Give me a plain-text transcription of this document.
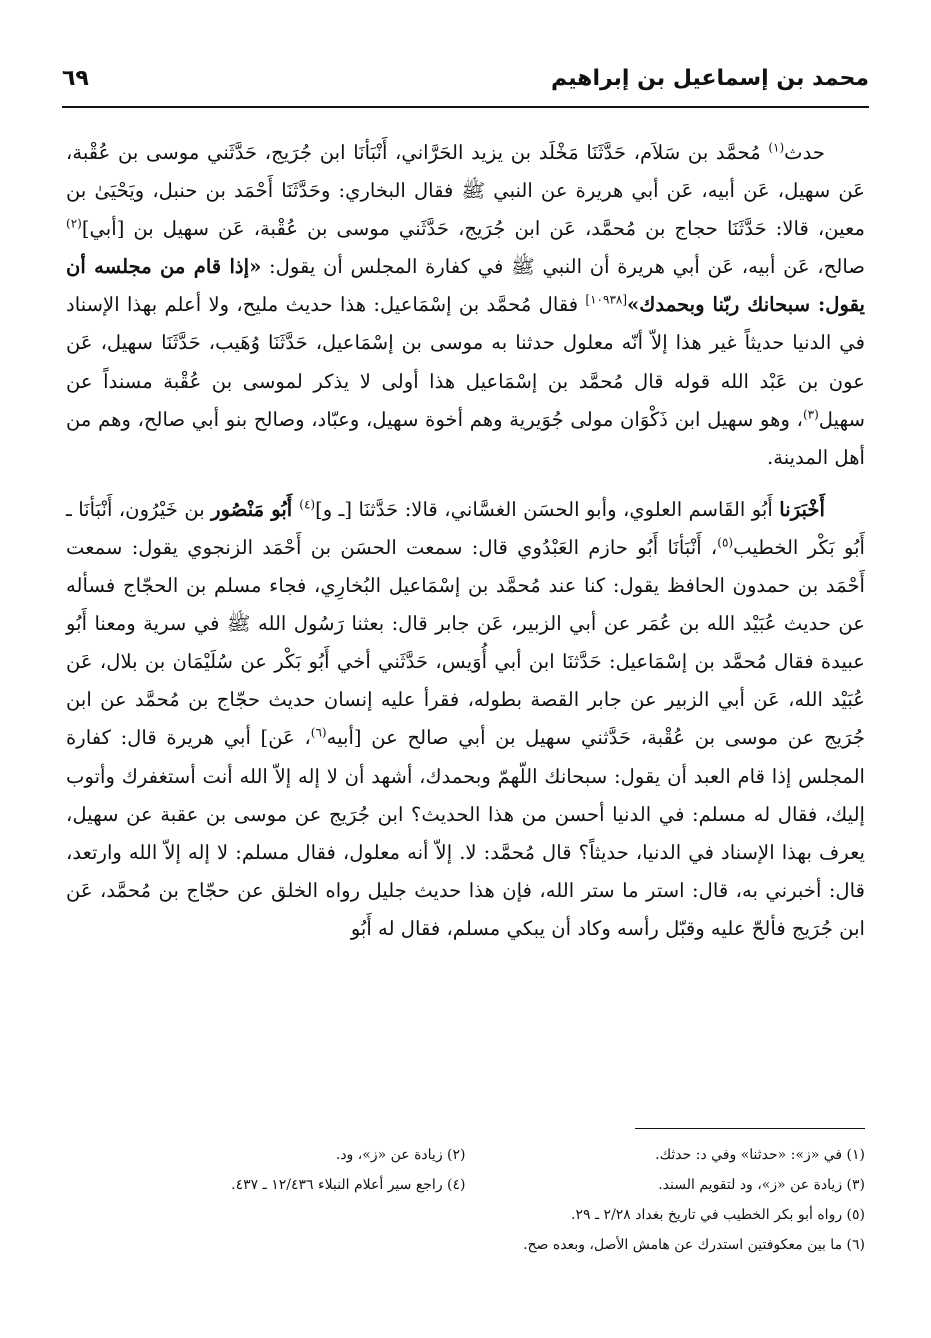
محمد بن إسماعيل بن إبراهيم
٦٩

حدث$^{(١)}$ مُحمَّد بن سَلاَم، حَدَّثَنَا مَخْلَد بن يزيد الحَرَّاني، أَنْبَأنَا ابن جُرَيج، حَدَّثَني موسى بن عُقْبة، عَن سهيل، عَن أبيه، عَن أبي هريرة عن النبي ﷺ فقال البخاري: وحَدَّثَنَا أَحْمَد بن حنبل، ويَحْيَىٰ بن معين، قالا: حَدَّثَنَا حجاج بن مُحمَّد، عَن ابن جُرَيج، حَدَّثَني موسى بن عُقْبة، عَن سهيل بن [أبي]$^{(٢)}$ صالح، عَن أبيه، عَن أبي هريرة أن النبي ﷺ في كفارة المجلس أن يقول: «إذا قام من مجلسه أن يقول: سبحانك ربّنا وبحمدك»[١٠٩٣٨] فقال مُحمَّد بن إسْمَاعيل: هذا حديث مليح، ولا أعلم بهذا الإسناد في الدنيا حديثاً غير هذا إلاّ أنّه معلول حدثنا به موسى بن إسْمَاعيل، حَدَّثَنَا وُهَيب، حَدَّثَنَا سهيل، عَن عون بن عَبْد الله قوله قال مُحمَّد بن إسْمَاعيل هذا أولى لا يذكر لموسى بن عُقْبة مسنداً عن سهيل$^{(٣)}$، وهو سهيل ابن ذَكْوَان مولى جُوَيرية وهم أخوة سهيل، وعبّاد، وصالح بنو أبي صالح، وهم من أهل المدينة.

أَخْبَرَنا أَبُو القَاسم العلوي، وأبو الحسَن الغسَّاني، قالا: حَدَّثنَا [ـ و]$^{(٤)}$ أَبُو مَنْصُور بن خَيْرُون، أَنْبَأنَا ـ أَبُو بَكْر الخطيب$^{(٥)}$، أَنْبَأنَا أَبُو حازم العَبْدُوي قال: سمعت الحسَن بن أَحْمَد الزنجوي يقول: سمعت أَحْمَد بن حمدون الحافظ يقول: كنا عند مُحمَّد بن إسْمَاعيل البُخارِي، فجاء مسلم بن الحجّاج فسأله عن حديث عُبَيْد الله بن عُمَر عن أبي الزبير، عَن جابر قال: بعثنا رَسُول الله ﷺ في سرية ومعنا أَبُو عبيدة فقال مُحمَّد بن إسْمَاعيل: حَدَّثنَا ابن أبي أُوَيس، حَدَّثَني أخي أَبُو بَكْر عن سُلَيْمَان بن بلال، عَن عُبَيْد الله، عَن أبي الزبير عن جابر القصة بطوله، فقرأ عليه إنسان حديث حجّاج بن مُحمَّد عن ابن جُرَيج عن موسى بن عُقْبة، حَدَّثني سهيل بن أبي صالح عن [أبيه$^{(٦)}$، عَن] أبي هريرة قال: كفارة المجلس إذا قام العبد أن يقول: سبحانك اللّهمّ وبحمدك، أشهد أن لا إله إلاّ الله أنت أستغفرك وأتوب إليك، فقال له مسلم: في الدنيا أحسن من هذا الحديث؟ ابن جُرَيج عن موسى بن عقبة عن سهيل، يعرف بهذا الإسناد في الدنيا، حديثاً؟ قال مُحمَّد: لا. إلاّ أنه معلول، فقال مسلم: لا إله إلاّ الله وارتعد، قال: أخبرني به، قال: استر ما ستر الله، فإن هذا حديث جليل رواه الخلق عن حجّاج بن مُحمَّد، عَن ابن جُرَيج فألحّ عليه وقبّل رأسه وكاد أن يبكي مسلم، فقال له أَبُو

(١) في «ز»: «حدثنا» وفي د: حدثك.
(٢) زيادة عن «ز»، ود.
(٣) زيادة عن «ز»، ود لتقويم السند.
(٤) راجع سير أعلام النبلاء ١٢/٤٣٦ ـ ٤٣٧.
(٥) رواه أبو بكر الخطيب في تاريخ بغداد ٢/٢٨ ـ ٢٩.
(٦) ما بين معكوفتين استدرك عن هامش الأصل، وبعده صح.
